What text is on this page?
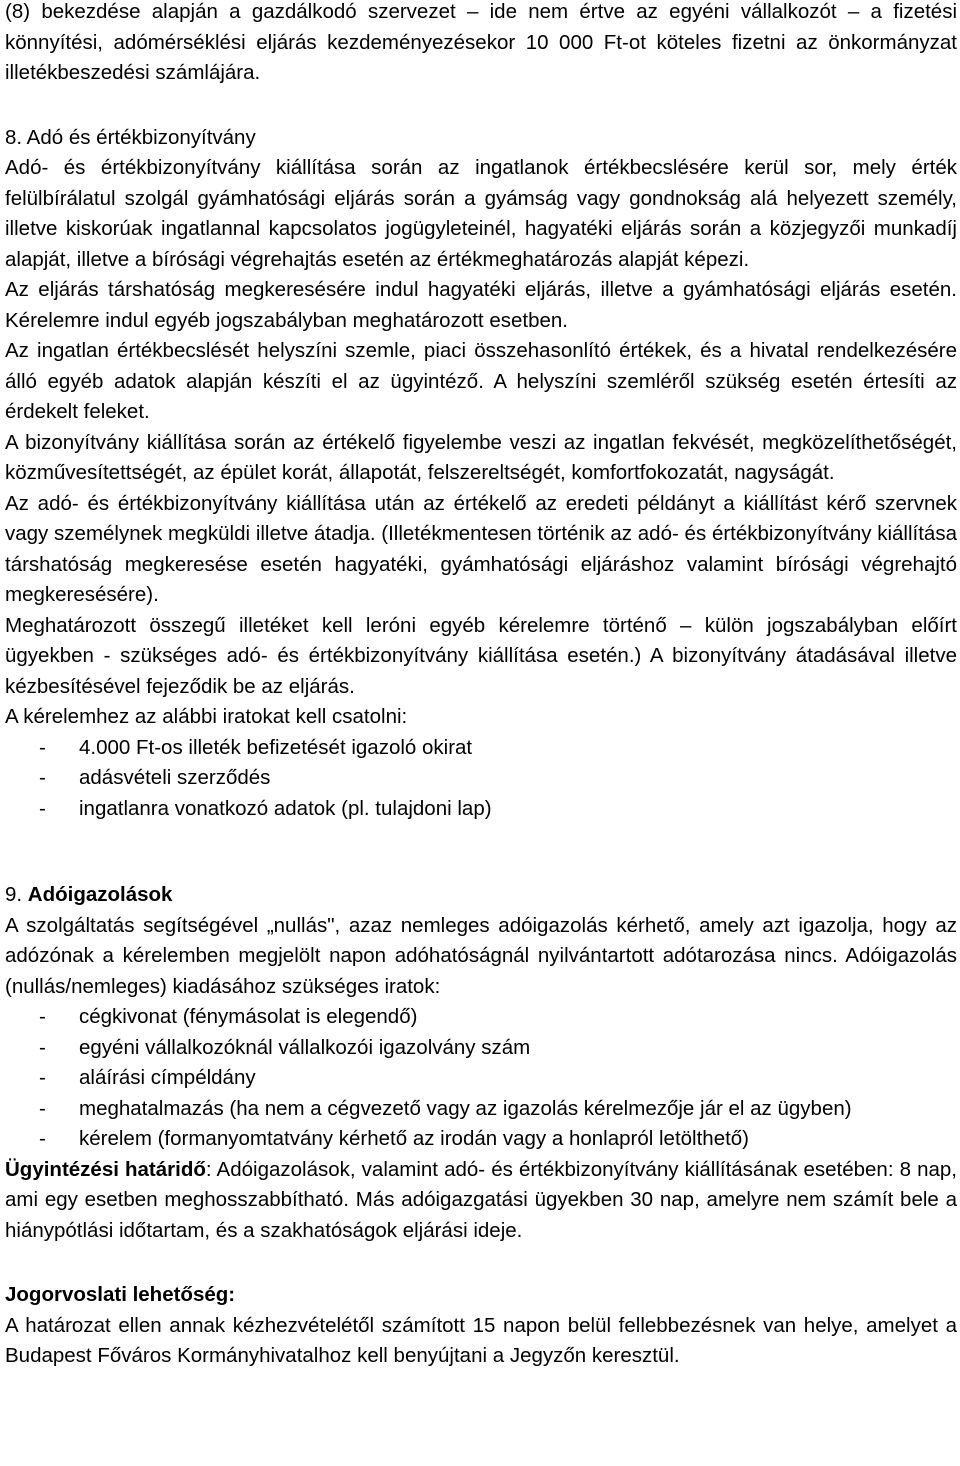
(8) bekezdése alapján a gazdálkodó szervezet – ide nem értve az egyéni vállalkozót – a fizetési könnyítési, adómérséklési eljárás kezdeményezésekor 10 000 Ft-ot köteles fizetni az önkormányzat illetékbeszedési számlájára.

8. Adó és értékbizonyítvány

Adó- és értékbizonyítvány kiállítása során az ingatlanok értékbecslésére kerül sor, mely érték felülbírálatul szolgál gyámhatósági eljárás során a gyámság vagy gondnokság alá helyezett személy, illetve kiskorúak ingatlannal kapcsolatos jogügyleteinél, hagyatéki eljárás során a közjegyzői munkadíj alapját, illetve a bírósági végrehajtás esetén az értékmeghatározás alapját képezi.

Az eljárás társhatóság megkeresésére indul hagyatéki eljárás, illetve a gyámhatósági eljárás esetén. Kérelemre indul egyéb jogszabályban meghatározott esetben.

Az ingatlan értékbecslését helyszíni szemle, piaci összehasonlító értékek, és a hivatal rendelkezésére álló egyéb adatok alapján készíti el az ügyintéző. A helyszíni szemléről szükség esetén értesíti az érdekelt feleket.

A bizonyítvány kiállítása során az értékelő figyelembe veszi az ingatlan fekvését, megközelíthetőségét, közművesítettségét, az épület korát, állapotát, felszereltségét, komfortfokozatát, nagyságát.

Az adó- és értékbizonyítvány kiállítása után az értékelő az eredeti példányt a kiállítást kérő szervnek vagy személynek megküldi illetve átadja. (Illetékmentesen történik az adó- és értékbizonyítvány kiállítása társhatóság megkeresése esetén hagyatéki, gyámhatósági eljáráshoz valamint bírósági végrehajtó megkeresésére).

Meghatározott összegű illetéket kell leróni egyéb kérelemre történő – külön jogszabályban előírt ügyekben - szükséges adó- és értékbizonyítvány kiállítása esetén.) A bizonyítvány átadásával illetve kézbesítésével fejeződik be az eljárás.

A kérelemhez az alábbi iratokat kell csatolni:

- 4.000 Ft-os illeték befizetését igazoló okirat
- adásvételi szerződés
- ingatlanra vonatkozó adatok (pl. tulajdoni lap)

9. Adóigazolások

A szolgáltatás segítségével „nullás", azaz nemleges adóigazolás kérhető, amely azt igazolja, hogy az adózónak a kérelemben megjelölt napon adóhatóságnál nyilvántartott adótarozása nincs. Adóigazolás (nullás/nemleges) kiadásához szükséges iratok:

- cégkivonat (fénymásolat is elegendő)
- egyéni vállalkozóknál vállalkozói igazolvány szám
- aláírási címpéldány
- meghatalmazás (ha nem a cégvezető vagy az igazolás kérelmezője jár el az ügyben)
- kérelem (formanyomtatvány kérhető az irodán vagy a honlapról letölthető)

Ügyintézési határidő: Adóigazolások, valamint adó- és értékbizonyítvány kiállításának esetében: 8 nap, ami egy esetben meghosszabbítható. Más adóigazgatási ügyekben 30 nap, amelyre nem számít bele a hiánypótlási időtartam, és a szakhatóságok eljárási ideje.

Jogorvoslati lehetőség:

A határozat ellen annak kézhezvételétől számított 15 napon belül fellebbezésnek van helye, amelyet a Budapest Főváros Kormányhivatalhoz kell benyújtani a Jegyzőn keresztül.
